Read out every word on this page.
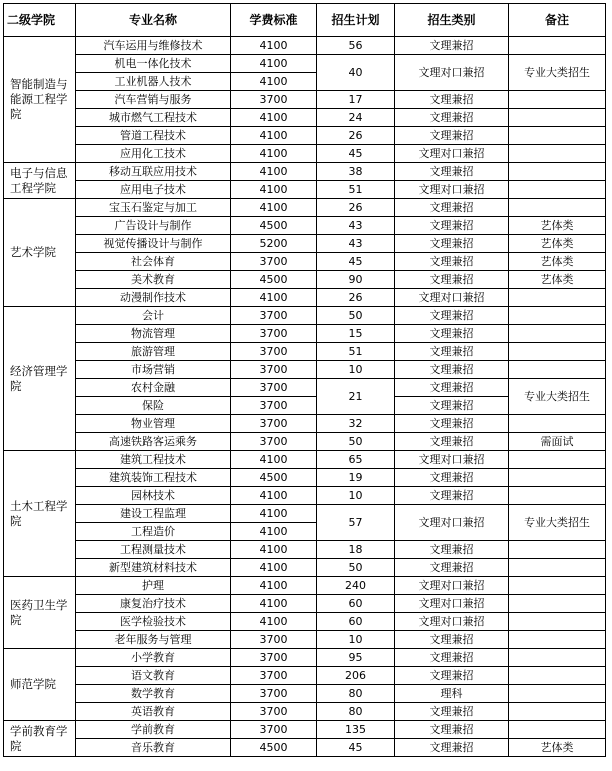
二级学院	专业名称	学费标准	招生计划	招生类别	备注
智能制造与能源工程学院	汽车运用与维修技术	4100	56	文理兼招	
	机电一体化技术	4100	40	文理对口兼招	专业大类招生
	工业机器人技术	4100			
	汽车营销与服务	3700	17	文理兼招	
	城市燃气工程技术	4100	24	文理兼招	
	管道工程技术	4100	26	文理兼招	
	应用化工技术	4100	45	文理对口兼招	
电子与信息工程学院	移动互联应用技术	4100	38	文理兼招	
	应用电子技术	4100	51	文理对口兼招	
艺术学院	宝玉石鉴定与加工	4100	26	文理兼招	
	广告设计与制作	4500	43	文理兼招	艺体类
	视觉传播设计与制作	5200	43	文理兼招	艺体类
	社会体育	3700	45	文理兼招	艺体类
	美术教育	4500	90	文理兼招	艺体类
	动漫制作技术	4100	26	文理对口兼招	
经济管理学院	会计	3700	50	文理兼招	
	物流管理	3700	15	文理兼招	
	旅游管理	3700	51	文理兼招	
	市场营销	3700	10	文理兼招	
	农村金融	3700	21	文理兼招	专业大类招生
	保险	3700		文理兼招	
	物业管理	3700	32	文理兼招	
	高速铁路客运乘务	3700	50	文理兼招	需面试
土木工程学院	建筑工程技术	4100	65	文理对口兼招	
	建筑装饰工程技术	4500	19	文理兼招	
	园林技术	4100	10	文理兼招	
	建设工程监理	4100	57	文理对口兼招	专业大类招生
	工程造价	4100			
	工程测量技术	4100	18	文理兼招	
	新型建筑材料技术	4100	50	文理兼招	
医药卫生学院	护理	4100	240	文理对口兼招	
	康复治疗技术	4100	60	文理对口兼招	
	医学检验技术	4100	60	文理对口兼招	
	老年服务与管理	3700	10	文理兼招	
师范学院	小学教育	3700	95	文理兼招	
	语文教育	3700	206	文理兼招	
	数学教育	3700	80	理科	
	英语教育	3700	80	文理兼招	
学前教育学院	学前教育	3700	135	文理兼招	
	音乐教育	4500	45	文理兼招	艺体类
